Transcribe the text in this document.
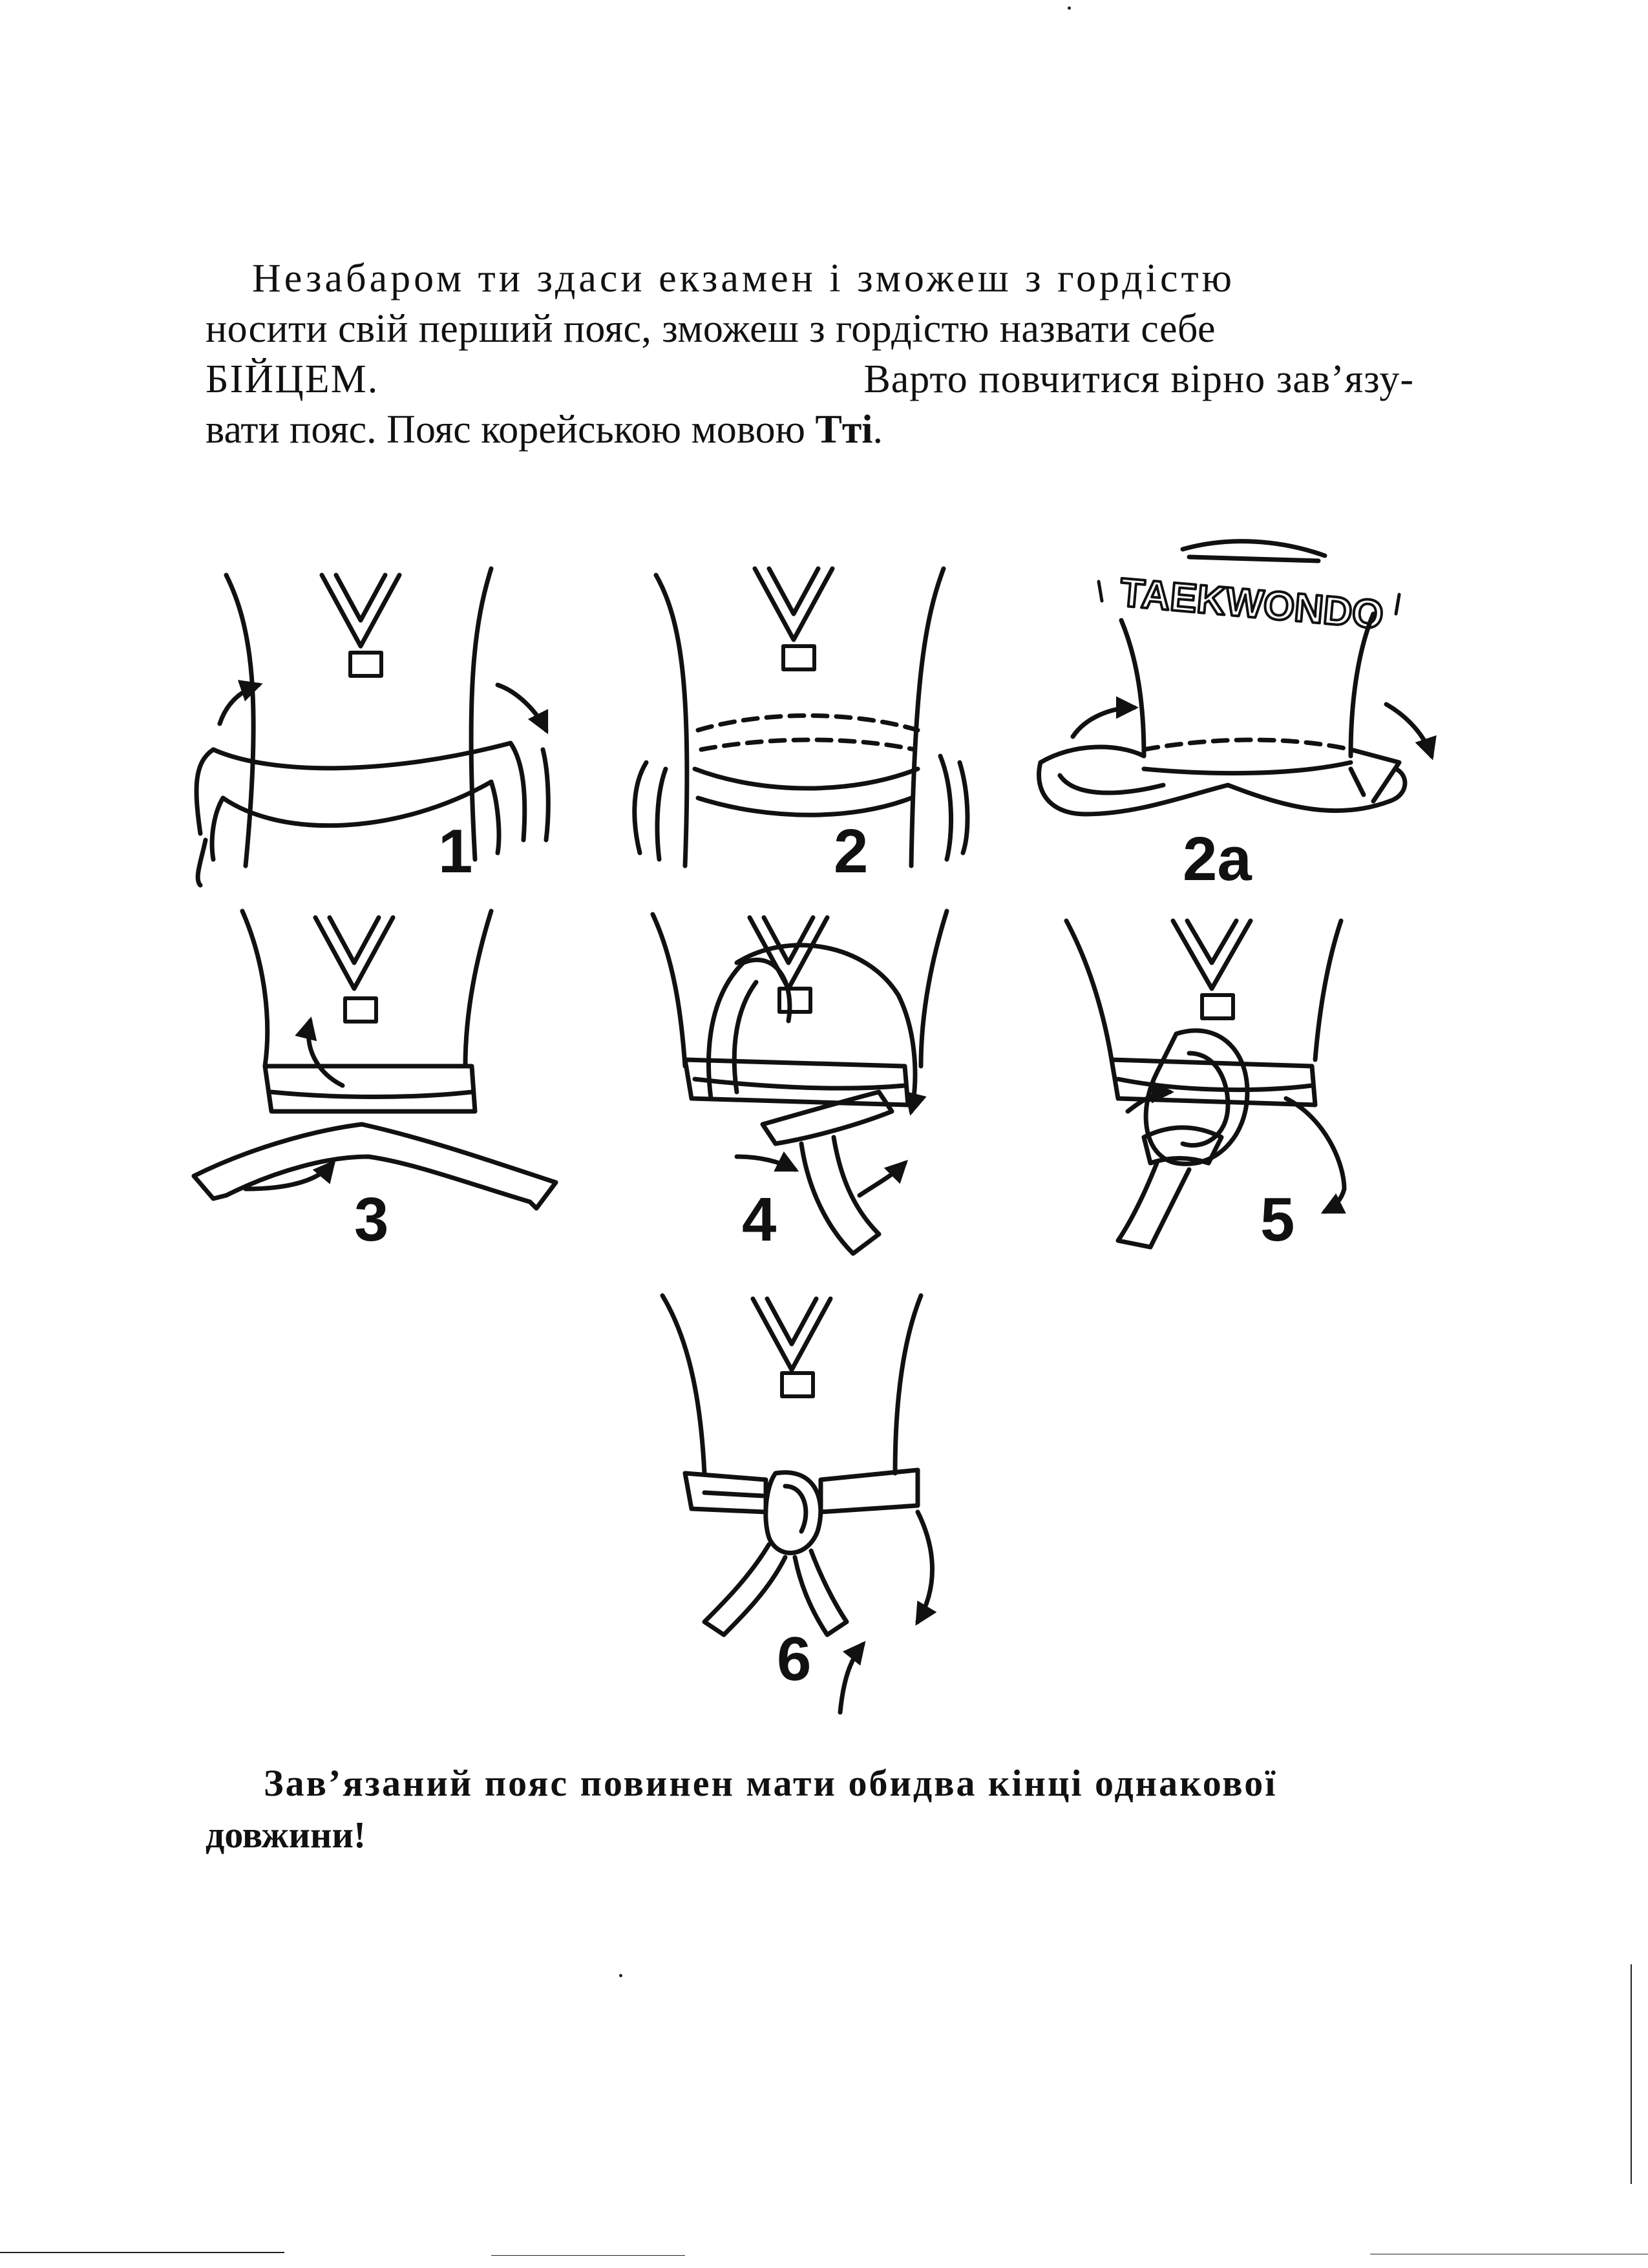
Незабаром ти здаси екзамен і зможеш з гордістю

носити свій перший пояс, зможеш з гордістю назвати себе

БІЙЦЕМ.	Варто повчитися вірно зав’язу-

вати пояс. Пояс корейською мовою Тті.

TAEKWONDO
1	2	2a
3	4	5
6

Зав’язаний пояс повинен мати обидва кінці однакової

довжини!
